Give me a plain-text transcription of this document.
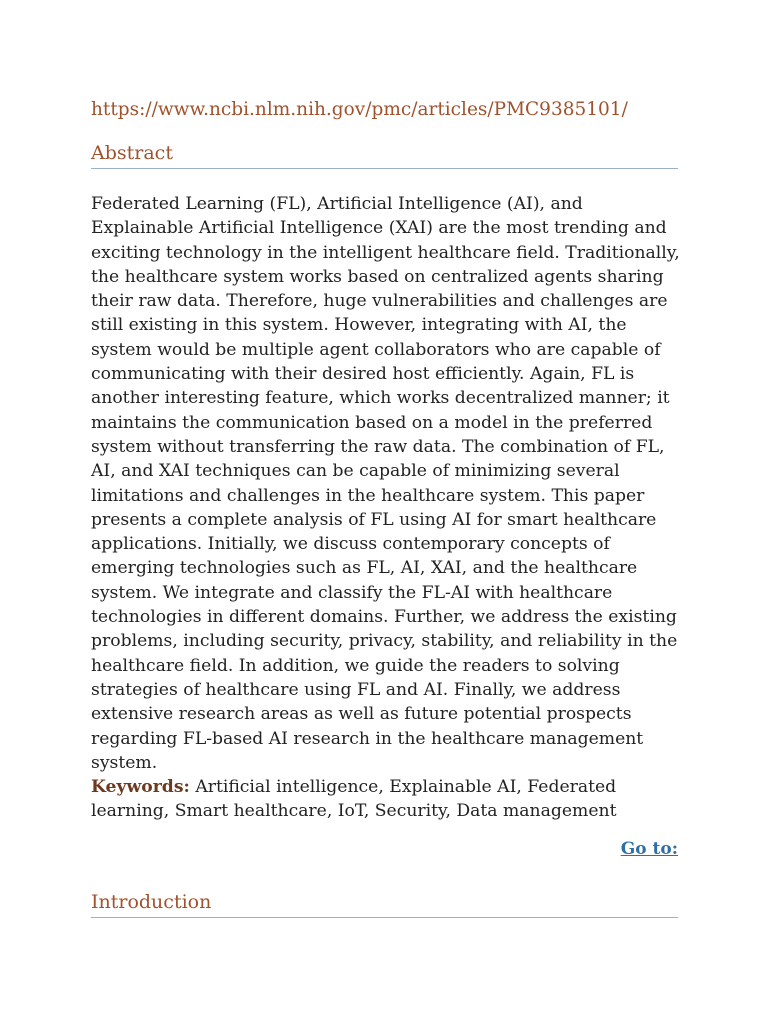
https://www.ncbi.nlm.nih.gov/pmc/articles/PMC9385101/
Abstract

Federated Learning (FL), Artificial Intelligence (AI), and Explainable Artificial Intelligence (XAI) are the most trending and exciting technology in the intelligent healthcare field. Traditionally, the healthcare system works based on centralized agents sharing their raw data. Therefore, huge vulnerabilities and challenges are still existing in this system. However, integrating with AI, the system would be multiple agent collaborators who are capable of communicating with their desired host efficiently. Again, FL is another interesting feature, which works decentralized manner; it maintains the communication based on a model in the preferred system without transferring the raw data. The combination of FL, AI, and XAI techniques can be capable of minimizing several limitations and challenges in the healthcare system. This paper presents a complete analysis of FL using AI for smart healthcare applications. Initially, we discuss contemporary concepts of emerging technologies such as FL, AI, XAI, and the healthcare system. We integrate and classify the FL-AI with healthcare technologies in different domains. Further, we address the existing problems, including security, privacy, stability, and reliability in the healthcare field. In addition, we guide the readers to solving strategies of healthcare using FL and AI. Finally, we address extensive research areas as well as future potential prospects regarding FL-based AI research in the healthcare management system.

Keywords: Artificial intelligence, Explainable AI, Federated learning, Smart healthcare, IoT, Security, Data management

Go to:
Introduction
